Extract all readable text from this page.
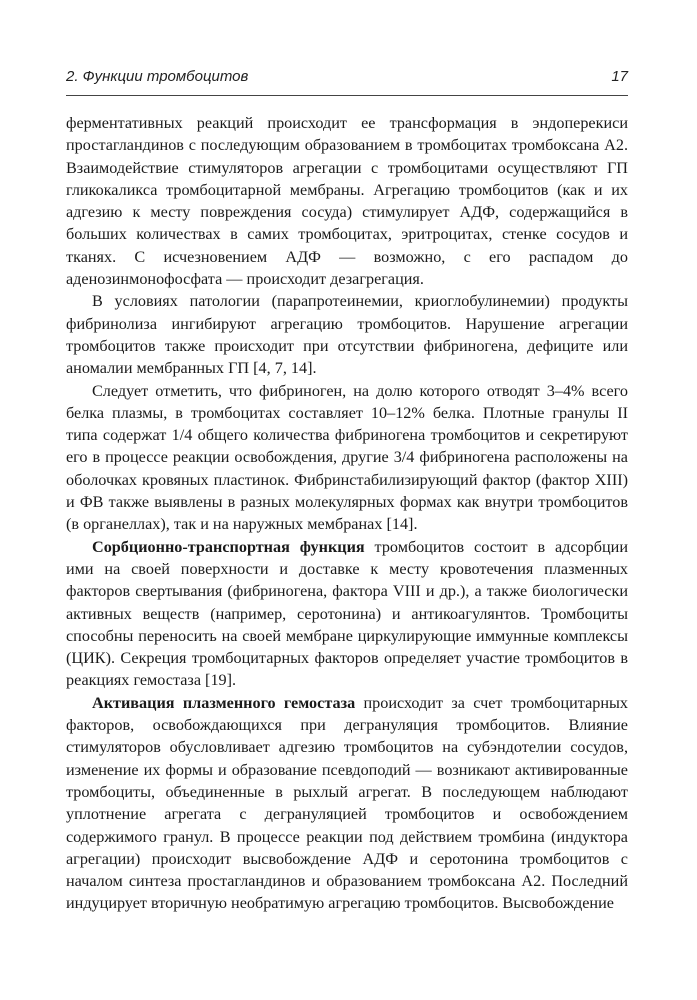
2. Функции тромбоцитов	17

ферментативных реакций происходит ее трансформация в эндоперекиси простагландинов с последующим образованием в тромбоцитах тромбоксана А2. Взаимодействие стимуляторов агрегации с тромбоцитами осуществляют ГП гликокаликса тромбоцитарной мембраны. Агрегацию тромбоцитов (как и их адгезию к месту повреждения сосуда) стимулирует АДФ, содержащийся в больших количествах в самих тромбоцитах, эритроцитах, стенке сосудов и тканях. С исчезновением АДФ — возможно, с его распадом до аденозинмонофосфата — происходит дезагрегация.

В условиях патологии (парапротеинемии, криоглобулинемии) продукты фибринолиза ингибируют агрегацию тромбоцитов. Нарушение агрегации тромбоцитов также происходит при отсутствии фибриногена, дефиците или аномалии мембранных ГП [4, 7, 14].

Следует отметить, что фибриноген, на долю которого отводят 3–4% всего белка плазмы, в тромбоцитах составляет 10–12% белка. Плотные гранулы II типа содержат 1/4 общего количества фибриногена тромбоцитов и секретируют его в процессе реакции освобождения, другие 3/4 фибриногена расположены на оболочках кровяных пластинок. Фибринстабилизирующий фактор (фактор XIII) и ФВ также выявлены в разных молекулярных формах как внутри тромбоцитов (в органеллах), так и на наружных мембранах [14].

Сорбционно-транспортная функция тромбоцитов состоит в адсорбции ими на своей поверхности и доставке к месту кровотечения плазменных факторов свертывания (фибриногена, фактора VIII и др.), а также биологически активных веществ (например, серотонина) и антикоагулянтов. Тромбоциты способны переносить на своей мембране циркулирующие иммунные комплексы (ЦИК). Секреция тромбоцитарных факторов определяет участие тромбоцитов в реакциях гемостаза [19].

Активация плазменного гемостаза происходит за счет тромбоцитарных факторов, освобождающихся при дегрануляция тромбоцитов. Влияние стимуляторов обусловливает адгезию тромбоцитов на субэндотелии сосудов, изменение их формы и образование псевдоподий — возникают активированные тромбоциты, объединенные в рыхлый агрегат. В последующем наблюдают уплотнение агрегата с дегрануляцией тромбоцитов и освобождением содержимого гранул. В процессе реакции под действием тромбина (индуктора агрегации) происходит высвобождение АДФ и серотонина тромбоцитов с началом синтеза простагландинов и образованием тромбоксана А2. Последний индуцирует вторичную необратимую агрегацию тромбоцитов. Высвобождение
